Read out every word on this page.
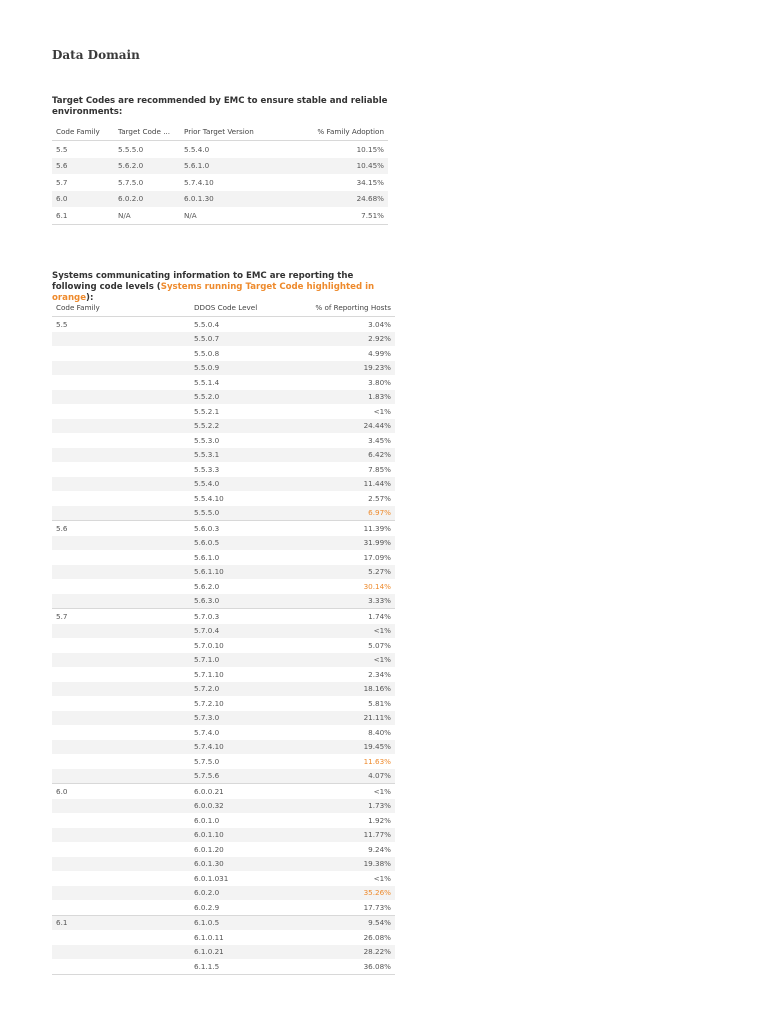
Data Domain
Target Codes are recommended by EMC to ensure stable and reliable environments:
Code Family	Target Code ...	Prior Target Version	% Family Adoption
5.5	5.5.5.0	5.5.4.0	10.15%
5.6	5.6.2.0	5.6.1.0	10.45%
5.7	5.7.5.0	5.7.4.10	34.15%
6.0	6.0.2.0	6.0.1.30	24.68%
6.1	N/A	N/A	7.51%
Systems communicating information to EMC are reporting the following code levels (Systems running Target Code highlighted in orange):
Code Family	DDOS Code Level	% of Reporting Hosts
5.5	5.5.0.4	3.04%
	5.5.0.7	2.92%
	5.5.0.8	4.99%
	5.5.0.9	19.23%
	5.5.1.4	3.80%
	5.5.2.0	1.83%
	5.5.2.1	<1%
	5.5.2.2	24.44%
	5.5.3.0	3.45%
	5.5.3.1	6.42%
	5.5.3.3	7.85%
	5.5.4.0	11.44%
	5.5.4.10	2.57%
	5.5.5.0	6.97%
5.6	5.6.0.3	11.39%
	5.6.0.5	31.99%
	5.6.1.0	17.09%
	5.6.1.10	5.27%
	5.6.2.0	30.14%
	5.6.3.0	3.33%
5.7	5.7.0.3	1.74%
	5.7.0.4	<1%
	5.7.0.10	5.07%
	5.7.1.0	<1%
	5.7.1.10	2.34%
	5.7.2.0	18.16%
	5.7.2.10	5.81%
	5.7.3.0	21.11%
	5.7.4.0	8.40%
	5.7.4.10	19.45%
	5.7.5.0	11.63%
	5.7.5.6	4.07%
6.0	6.0.0.21	<1%
	6.0.0.32	1.73%
	6.0.1.0	1.92%
	6.0.1.10	11.77%
	6.0.1.20	9.24%
	6.0.1.30	19.38%
	6.0.1.031	<1%
	6.0.2.0	35.26%
	6.0.2.9	17.73%
6.1	6.1.0.5	9.54%
	6.1.0.11	26.08%
	6.1.0.21	28.22%
	6.1.1.5	36.08%
